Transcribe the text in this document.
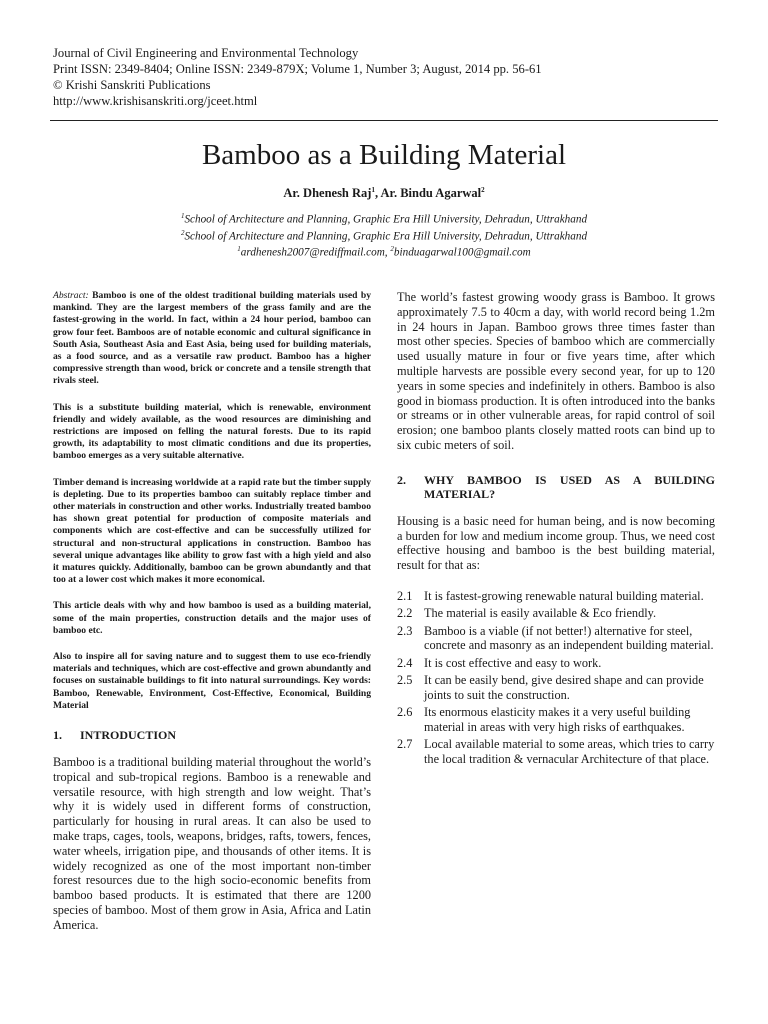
Journal of Civil Engineering and Environmental Technology
Print ISSN: 2349-8404; Online ISSN: 2349-879X; Volume 1, Number 3; August, 2014 pp. 56-61
© Krishi Sanskriti Publications
http://www.krishisanskriti.org/jceet.html
Bamboo as a Building Material
Ar. Dhenesh Raj$^1$, Ar. Bindu Agarwal$^2$
$^1$School of Architecture and Planning, Graphic Era Hill University, Dehradun, Uttrakhand
$^2$School of Architecture and Planning, Graphic Era Hill University, Dehradun, Uttrakhand
$^1$ardhenesh2007@rediffmail.com, $^2$binduagarwal100@gmail.com

Abstract: Bamboo is one of the oldest traditional building materials used by mankind. They are the largest members of the grass family and are the fastest-growing in the world. In fact, within a 24 hour period, bamboo can grow four feet. Bamboos are of notable economic and cultural significance in South Asia, Southeast Asia and East Asia, being used for building materials, as a food source, and as a versatile raw product. Bamboo has a higher compressive strength than wood, brick or concrete and a tensile strength that rivals steel.

This is a substitute building material, which is renewable, environment friendly and widely available, as the wood resources are diminishing and restrictions are imposed on felling the natural forests. Due to its rapid growth, its adaptability to most climatic conditions and due its properties, bamboo emerges as a very suitable alternative.

Timber demand is increasing worldwide at a rapid rate but the timber supply is depleting. Due to its properties bamboo can suitably replace timber and other materials in construction and other works. Industrially treated bamboo has shown great potential for production of composite materials and components which are cost-effective and can be successfully utilized for structural and non-structural applications in construction. Bamboo has several unique advantages like ability to grow fast with a high yield and also it matures quickly. Additionally, bamboo can be grown abundantly and that too at a lower cost which makes it more economical.

This article deals with why and how bamboo is used as a building material, some of the main properties, construction details and the major uses of bamboo etc.

Also to inspire all for saving nature and to suggest them to use eco-friendly materials and techniques, which are cost-effective and grown abundantly and focuses on sustainable buildings to fit into natural surroundings. Key words: Bamboo, Renewable, Environment, Cost-Effective, Economical, Building Material

1.	INTRODUCTION

Bamboo is a traditional building material throughout the world’s tropical and sub-tropical regions. Bamboo is a renewable and versatile resource, with high strength and low weight. That’s why it is widely used in different forms of construction, particularly for housing in rural areas. It can also be used to make traps, cages, tools, weapons, bridges, rafts, towers, fences, water wheels, irrigation pipe, and thousands of other items. It is widely recognized as one of the most important non-timber forest resources due to the high socio-economic benefits from bamboo based products. It is estimated that there are 1200 species of bamboo. Most of them grow in Asia, Africa and Latin America.

The world’s fastest growing woody grass is Bamboo. It grows approximately 7.5 to 40cm a day, with world record being 1.2m in 24 hours in Japan. Bamboo grows three times faster than most other species. Species of bamboo which are commercially used usually mature in four or five years time, after which multiple harvests are possible every second year, for up to 120 years in some species and indefinitely in others. Bamboo is also good in biomass production. It is often introduced into the banks or streams or in other vulnerable areas, for rapid control of soil erosion; one bamboo plants closely matted roots can bind up to six cubic meters of soil.

2.	WHY BAMBOO IS USED AS A BUILDING MATERIAL?

Housing is a basic need for human being, and is now becoming a burden for low and medium income group. Thus, we need cost effective housing and bamboo is the best building material, result for that as:

2.1 It is fastest-growing renewable natural building material.
2.2 The material is easily available & Eco friendly.
2.3 Bamboo is a viable (if not better!) alternative for steel, concrete and masonry as an independent building material.
2.4 It is cost effective and easy to work.
2.5 It can be easily bend, give desired shape and can provide joints to suit the construction.
2.6 Its enormous elasticity makes it a very useful building material in areas with very high risks of earthquakes.
2.7 Local available material to some areas, which tries to carry the local tradition & vernacular Architecture of that place.
